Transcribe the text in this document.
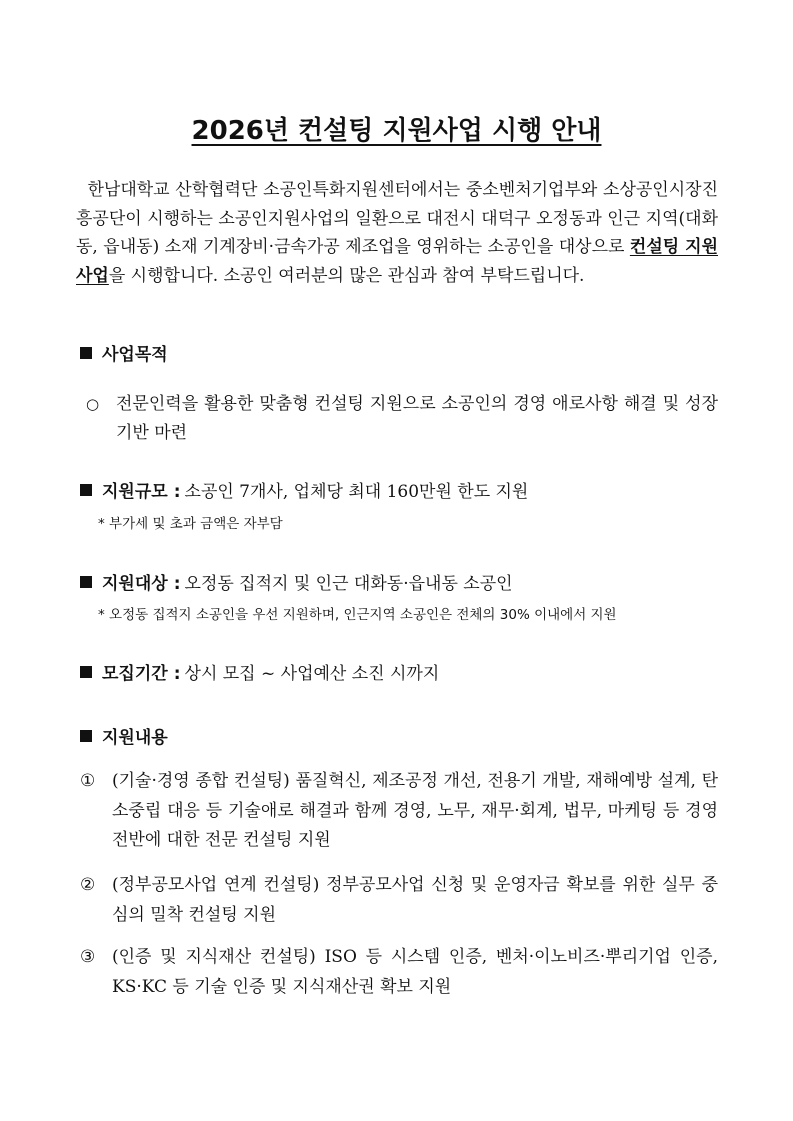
2026년 컨설팅 지원사업 시행 안내
한남대학교 산학협력단 소공인특화지원센터에서는 중소벤처기업부와 소상공인시장진흥공단이 시행하는 소공인지원사업의 일환으로 대전시 대덕구 오정동과 인근 지역(대화동, 읍내동) 소재 기계장비·금속가공 제조업을 영위하는 소공인을 대상으로 컨설팅 지원사업을 시행합니다. 소공인 여러분의 많은 관심과 참여 부탁드립니다.
사업목적
○ 전문인력을 활용한 맞춤형 컨설팅 지원으로 소공인의 경영 애로사항 해결 및 성장 기반 마련
지원규모 : 소공인 7개사, 업체당 최대 160만원 한도 지원
* 부가세 및 초과 금액은 자부담
지원대상 : 오정동 집적지 및 인근 대화동·읍내동 소공인
* 오정동 집적지 소공인을 우선 지원하며, 인근지역 소공인은 전체의 30% 이내에서 지원
모집기간 : 상시 모집 ~ 사업예산 소진 시까지
지원내용
① (기술·경영 종합 컨설팅) 품질혁신, 제조공정 개선, 전용기 개발, 재해예방 설계, 탄소중립 대응 등 기술애로 해결과 함께 경영, 노무, 재무·회계, 법무, 마케팅 등 경영 전반에 대한 전문 컨설팅 지원
② (정부공모사업 연계 컨설팅) 정부공모사업 신청 및 운영자금 확보를 위한 실무 중심의 밀착 컨설팅 지원
③ (인증 및 지식재산 컨설팅) ISO 등 시스템 인증, 벤처·이노비즈·뿌리기업 인증, KS·KC 등 기술 인증 및 지식재산권 확보 지원
